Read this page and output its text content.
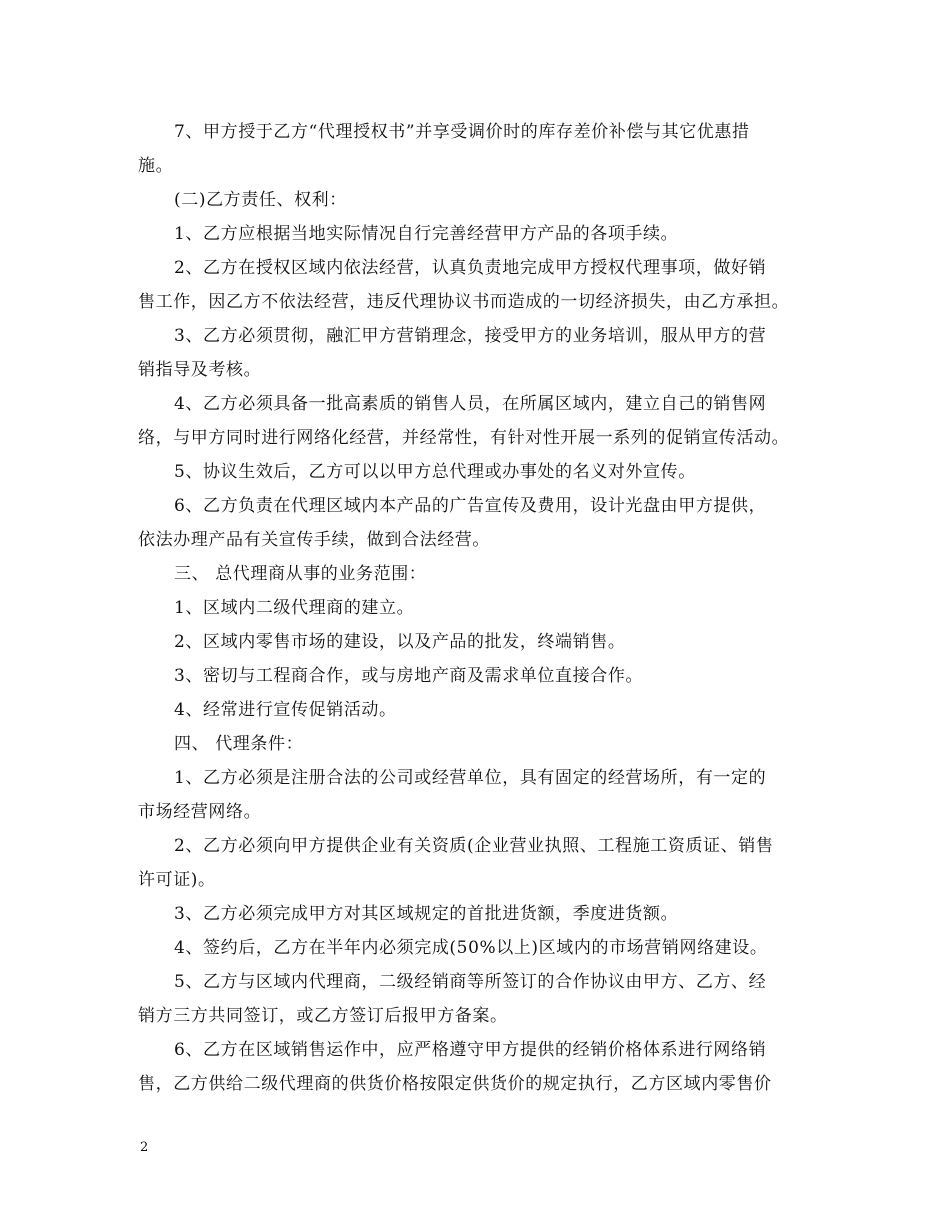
7、甲方授于乙方“代理授权书”并享受调价时的库存差价补偿与其它优惠措
施。
(二)乙方责任、权利：
1、乙方应根据当地实际情况自行完善经营甲方产品的各项手续。
2、乙方在授权区域内依法经营，认真负责地完成甲方授权代理事项，做好销
售工作，因乙方不依法经营，违反代理协议书而造成的一切经济损失，由乙方承担。
3、乙方必须贯彻，融汇甲方营销理念，接受甲方的业务培训，服从甲方的营
销指导及考核。
4、乙方必须具备一批高素质的销售人员，在所属区域内，建立自己的销售网
络，与甲方同时进行网络化经营，并经常性，有针对性开展一系列的促销宣传活动。
5、协议生效后，乙方可以以甲方总代理或办事处的名义对外宣传。
6、乙方负责在代理区域内本产品的广告宣传及费用，设计光盘由甲方提供，
依法办理产品有关宣传手续，做到合法经营。
三、 总代理商从事的业务范围：
1、区域内二级代理商的建立。
2、区域内零售市场的建设，以及产品的批发，终端销售。
3、密切与工程商合作，或与房地产商及需求单位直接合作。
4、经常进行宣传促销活动。
四、 代理条件：
1、乙方必须是注册合法的公司或经营单位，具有固定的经营场所，有一定的
市场经营网络。
2、乙方必须向甲方提供企业有关资质(企业营业执照、工程施工资质证、销售
许可证)。
3、乙方必须完成甲方对其区域规定的首批进货额，季度进货额。
4、签约后，乙方在半年内必须完成(50%以上)区域内的市场营销网络建设。
5、乙方与区域内代理商，二级经销商等所签订的合作协议由甲方、乙方、经
销方三方共同签订，或乙方签订后报甲方备案。
6、乙方在区域销售运作中，应严格遵守甲方提供的经销价格体系进行网络销
售，乙方供给二级代理商的供货价格按限定供货价的规定执行，乙方区域内零售价
2
